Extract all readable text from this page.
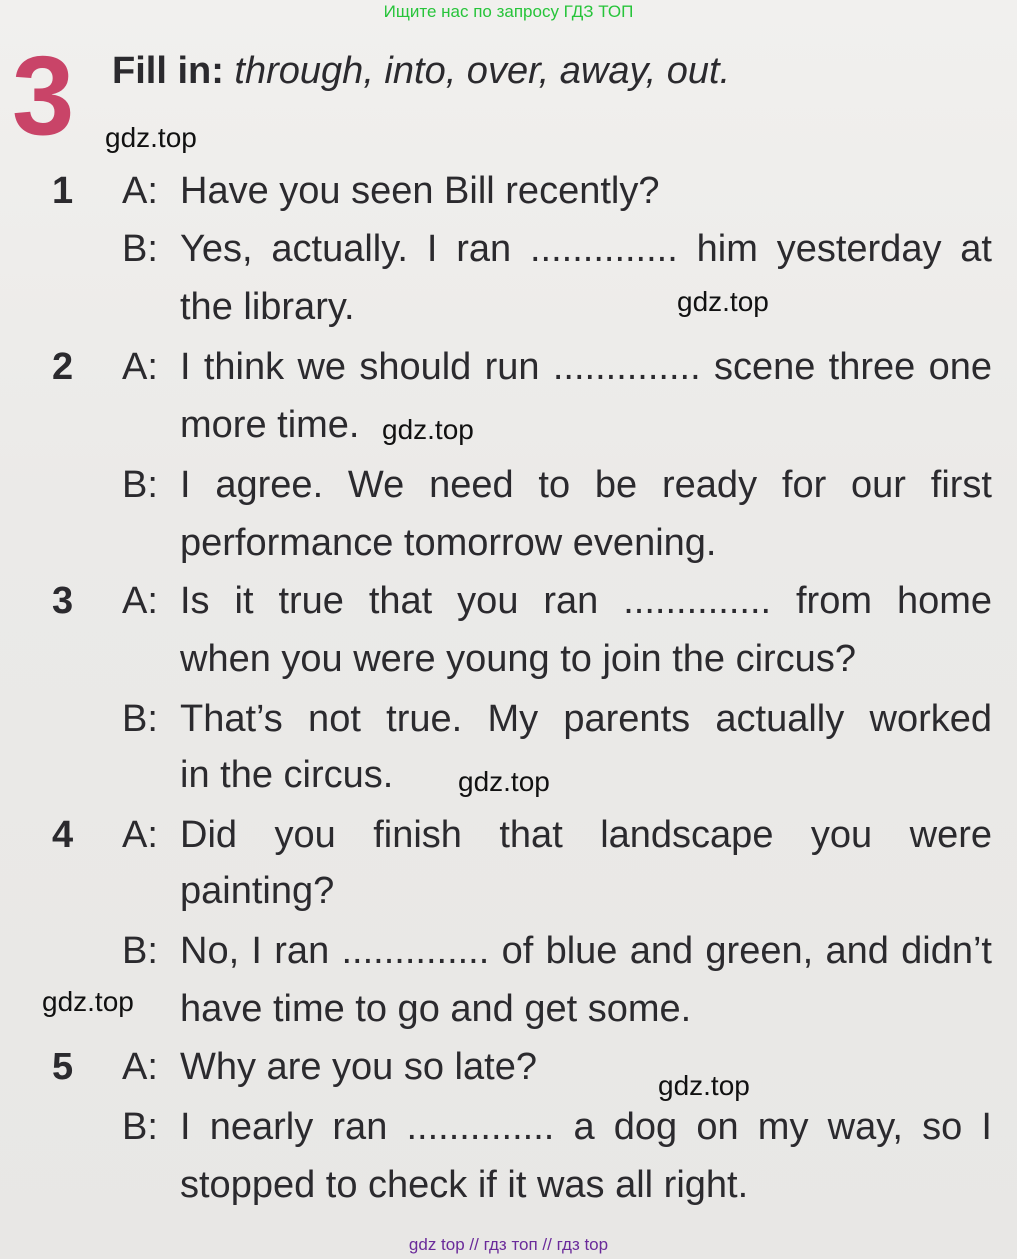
Ищите нас по запросу ГДЗ ТОП
3 Fill in: through, into, over, away, out.
gdz.top
gdz.top
gdz.top
gdz.top
gdz.top
gdz.top
1	A: Have you seen Bill recently?
B: Yes, actually. I ran .............. him yesterday at
the library.
2	A: I think we should run .............. scene three one
more time.
B: I agree. We need to be ready for our first
performance tomorrow evening.
3	A: Is it true that you ran .............. from home
when you were young to join the circus?
B: That’s not true. My parents actually worked
in the circus.
4	A: Did you finish that landscape you were
painting?
B: No, I ran .............. of blue and green, and didn’t
have time to go and get some.
5	A: Why are you so late?
B: I nearly ran .............. a dog on my way, so I
stopped to check if it was all right.
gdz top // гдз топ // гдз top
